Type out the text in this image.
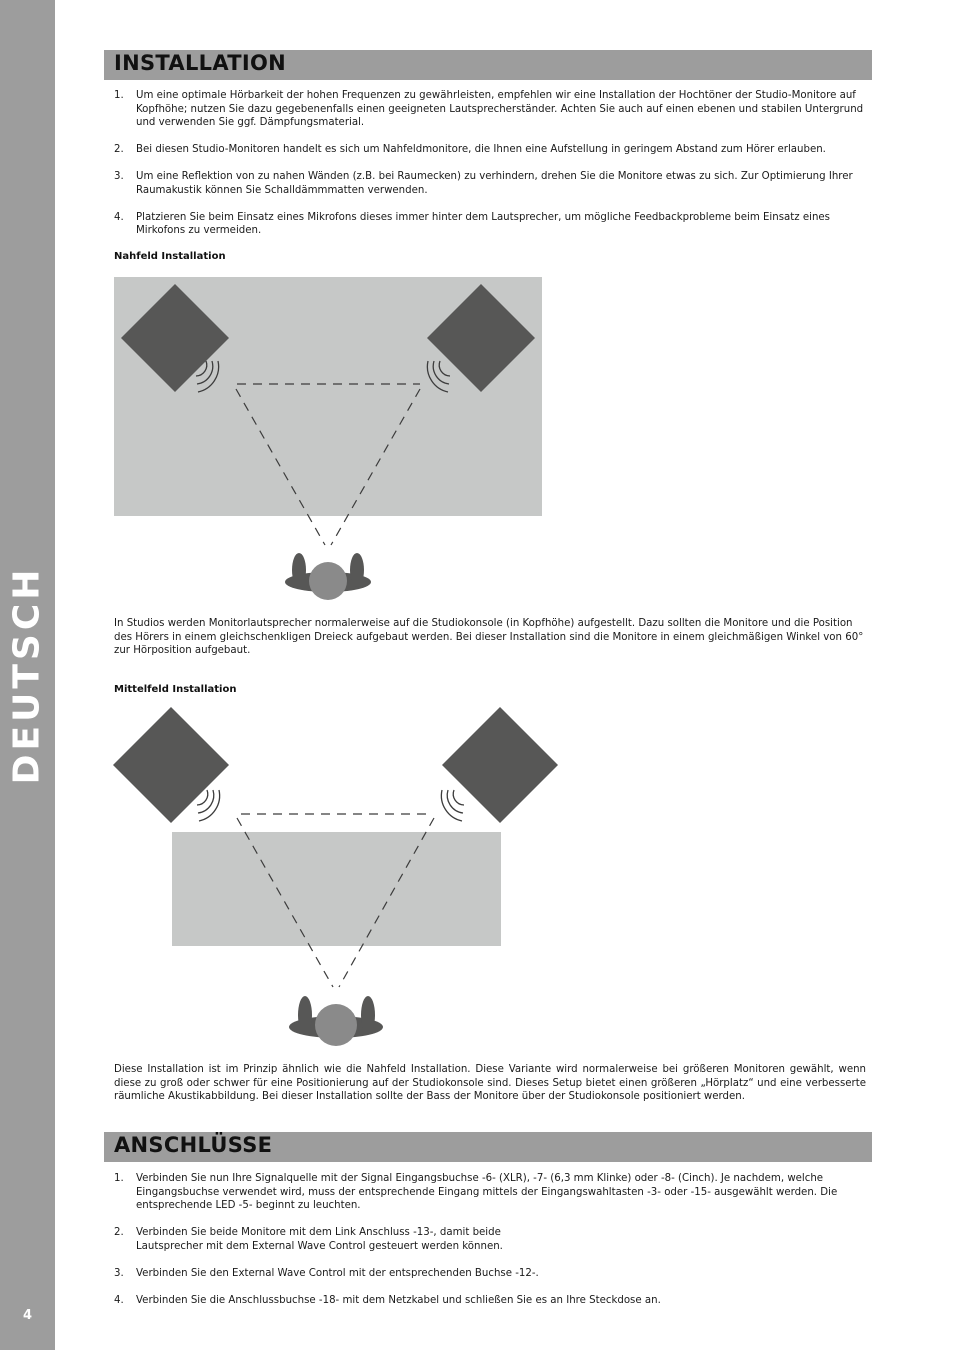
DEUTSCH
4
INSTALLATION
1. Um eine optimale Hörbarkeit der hohen Frequenzen zu gewährleisten, empfehlen wir eine Installation der Hochtöner der Studio-Monitore auf Kopfhöhe; nutzen Sie dazu gegebenenfalls einen geeigneten Lautsprecherständer. Achten Sie auch auf einen ebenen und stabilen Untergrund und verwenden Sie ggf. Dämpfungsmaterial.
2. Bei diesen Studio-Monitoren handelt es sich um Nahfeldmonitore, die Ihnen eine Aufstellung in geringem Abstand zum Hörer erlauben.
3. Um eine Reflektion von zu nahen Wänden (z.B. bei Raumecken) zu verhindern, drehen Sie die Monitore etwas zu sich. Zur Optimierung Ihrer Raumakustik können Sie Schalldämmmatten verwenden.
4. Platzieren Sie beim Einsatz eines Mikrofons dieses immer hinter dem Lautsprecher, um mögliche Feedbackprobleme beim Einsatz eines Mirkofons zu vermeiden.
Nahfeld Installation

In Studios werden Monitorlautsprecher normalerweise auf die Studiokonsole (in Kopfhöhe) aufgestellt. Dazu sollten die Monitore und die Position des Hörers in einem gleichschenkligen Dreieck aufgebaut werden. Bei dieser Installation sind die Monitore in einem gleichmäßigen Winkel von 60° zur Hörposition aufgebaut.

Mittelfeld Installation

Diese Installation ist im Prinzip ähnlich wie die Nahfeld Installation. Diese Variante wird normalerweise bei größeren Monitoren gewählt, wenn diese zu groß oder schwer für eine Positionierung auf der Studiokonsole sind. Dieses Setup bietet einen größeren „Hörplatz“ und eine verbesserte räumliche Akustikabbildung. Bei dieser Installation sollte der Bass der Monitore über der Studiokonsole positioniert werden.

ANSCHLÜSSE
1. Verbinden Sie nun Ihre Signalquelle mit der Signal Eingangsbuchse -6- (XLR), -7- (6,3 mm Klinke) oder -8- (Cinch). Je nachdem, welche Eingangsbuchse verwendet wird, muss der entsprechende Eingang mittels der Eingangswahltasten -3- oder -15- ausgewählt werden. Die entsprechende LED -5- beginnt zu leuchten.
2. Verbinden Sie beide Monitore mit dem Link Anschluss -13-, damit beide Lautsprecher mit dem External Wave Control gesteuert werden können.
3. Verbinden Sie den External Wave Control mit der entsprechenden Buchse -12-.
4. Verbinden Sie die Anschlussbuchse -18- mit dem Netzkabel und schließen Sie es an Ihre Steckdose an.
